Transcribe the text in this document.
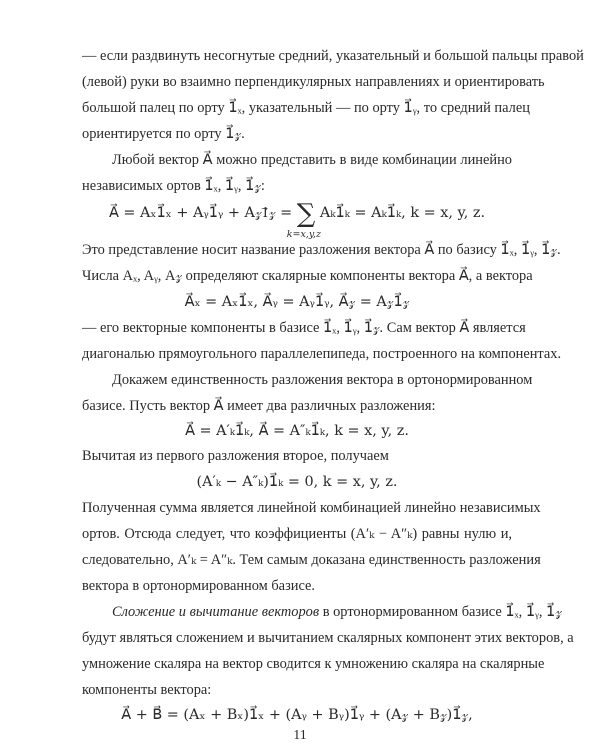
— если раздвинуть несогнутые средний, указательный и большой пальцы правой
(левой) руки во взаимно перпендикулярных направлениях и ориентировать
большой палец по орту 1⃗ₓ, указательный — по орту 1⃗ᵧ, то средний палец
ориентируется по орту 1⃗𝓏.
Любой вектор A⃗ можно представить в виде комбинации линейно
независимых ортов 1⃗ₓ, 1⃗ᵧ, 1⃗𝓏:
A⃗ = Aₓ1⃗ₓ + Aᵧ1⃗ᵧ + A𝓏1⃗𝓏 = ∑
k=x,y,z
Aₖ1⃗ₖ = Aₖ1⃗ₖ, k = x, y, z.
Это представление носит название разложения вектора A⃗ по базису 1⃗ₓ, 1⃗ᵧ, 1⃗𝓏.
Числа Aₓ, Aᵧ, A𝓏 определяют скалярные компоненты вектора A⃗, а вектора
A⃗ₓ = Aₓ1⃗ₓ, A⃗ᵧ = Aᵧ1⃗ᵧ, A⃗𝓏 = A𝓏1⃗𝓏
— его векторные компоненты в базисе 1⃗ₓ, 1⃗ᵧ, 1⃗𝓏. Сам вектор A⃗ является
диагональю прямоугольного параллелепипеда, построенного на компонентах.
Докажем единственность разложения вектора в ортонормированном
базисе. Пусть вектор A⃗ имеет два различных разложения:
A⃗ = A′ₖ1⃗ₖ, A⃗ = A″ₖ1⃗ₖ, k = x, y, z.
Вычитая из первого разложения второе, получаем
(A′ₖ − A″ₖ)1⃗ₖ = 0, k = x, y, z.
Полученная сумма является линейной комбинацией линейно независимых
ортов. Отсюда следует, что коэффициенты (A′ₖ − A″ₖ) равны нулю и,
следовательно, A′ₖ = A″ₖ. Тем самым доказана единственность разложения
вектора в ортонормированном базисе.
Сложение и вычитание векторов в ортонормированном базисе 1⃗ₓ, 1⃗ᵧ, 1⃗𝓏
будут являться сложением и вычитанием скалярных компонент этих векторов, а
умножение скаляра на вектор сводится к умножению скаляра на скалярные
компоненты вектора:
A⃗ + B⃗ = (Aₓ + Bₓ)1⃗ₓ + (Aᵧ + Bᵧ)1⃗ᵧ + (A𝓏 + B𝓏)1⃗𝓏,
11
